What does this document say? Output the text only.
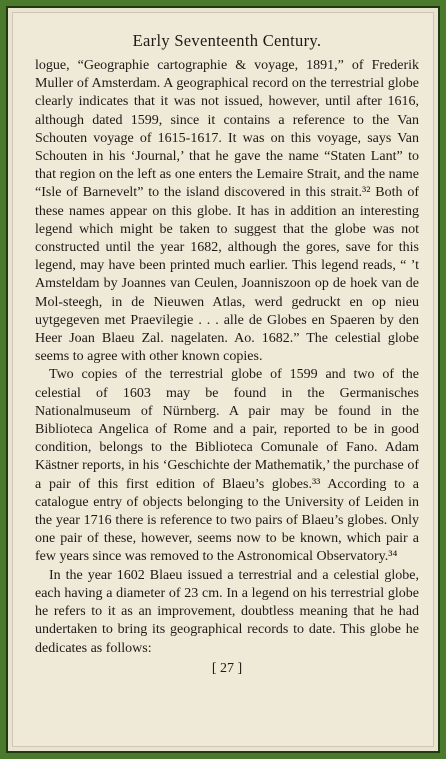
Early Seventeenth Century.

logue, “Geographie cartographie & voyage, 1891,” of Frederik Muller of Amsterdam. A geographical record on the terrestrial globe clearly indicates that it was not issued, however, until after 1616, although dated 1599, since it contains a reference to the Van Schouten voyage of 1615-1617. It was on this voyage, says Van Schouten in his ‘Journal,’ that he gave the name “Staten Lant” to that region on the left as one enters the Lemaire Strait, and the name “Isle of Barnevelt” to the island discovered in this strait.³² Both of these names appear on this globe. It has in addition an interesting legend which might be taken to suggest that the globe was not constructed until the year 1682, although the gores, save for this legend, may have been printed much earlier. This legend reads, “ ’t Amsteldam by Joannes van Ceulen, Joanniszoon op de hoek van de Mol-steegh, in de Nieuwen Atlas, werd gedruckt en op nieu uytgegeven met Praevilegie . . . alle de Globes en Spaeren by den Heer Joan Blaeu Zal. nagelaten. Ao. 1682.” The celestial globe seems to agree with other known copies.

Two copies of the terrestrial globe of 1599 and two of the celestial of 1603 may be found in the Germanisches Nationalmuseum of Nürnberg. A pair may be found in the Biblioteca Angelica of Rome and a pair, reported to be in good condition, belongs to the Biblioteca Comunale of Fano. Adam Kästner reports, in his ‘Geschichte der Mathematik,’ the purchase of a pair of this first edition of Blaeu’s globes.³³ According to a catalogue entry of objects belonging to the University of Leiden in the year 1716 there is reference to two pairs of Blaeu’s globes. Only one pair of these, however, seems now to be known, which pair a few years since was removed to the Astronomical Observatory.³⁴

In the year 1602 Blaeu issued a terrestrial and a celestial globe, each having a diameter of 23 cm. In a legend on his terrestrial globe he refers to it as an improvement, doubtless meaning that he had undertaken to bring its geographical records to date. This globe he dedicates as follows:

[ 27 ]
